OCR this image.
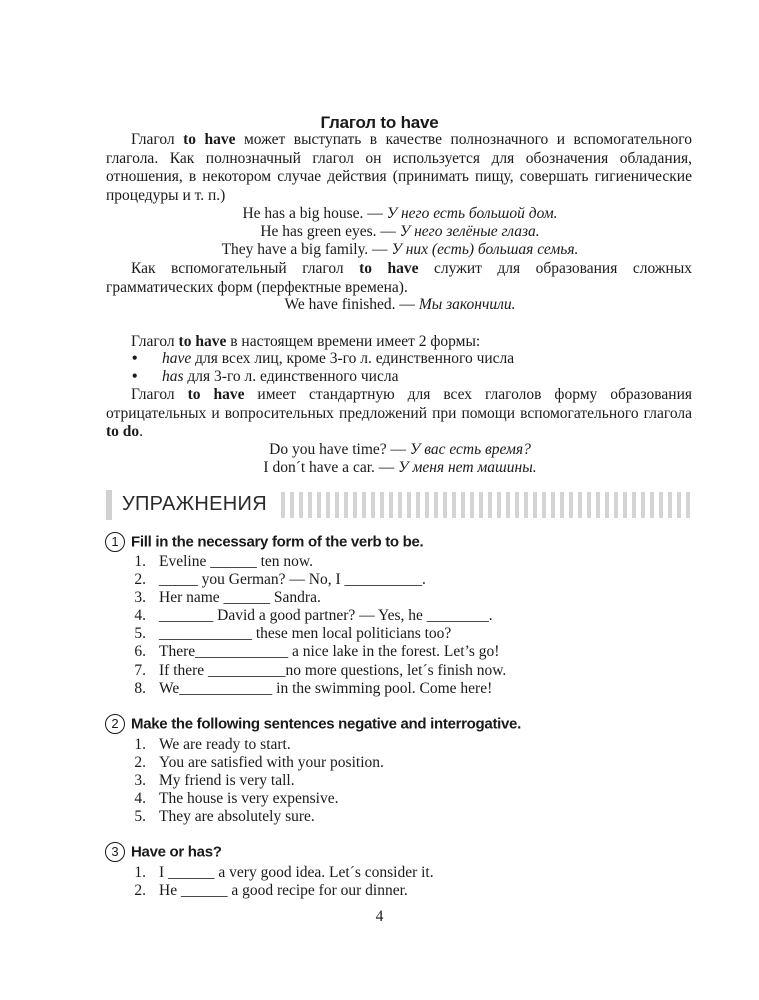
Глагол to have
Глагол to have может выступать в качестве полнозначного и вспомогательного глагола. Как полнозначный глагол он используется для обозначения обладания, отношения, в некотором случае действия (принимать пищу, совершать гигиенические процедуры и т. п.)
He has a big house. — У него есть большой дом.
He has green eyes. — У него зелёные глаза.
They have a big family. — У них (есть) большая семья.
Как вспомогательный глагол to have служит для образования сложных грамматических форм (перфектные времена).
We have finished. — Мы закончили.
Глагол to have в настоящем времени имеет 2 формы:
• have для всех лиц, кроме 3-го л. единственного числа
• has для 3-го л. единственного числа
Глагол to have имеет стандартную для всех глаголов форму образования отрицательных и вопросительных предложений при помощи вспомогательного глагола to do.
Do you have time? — У вас есть время?
I don´t have a car. — У меня нет машины.
УПРАЖНЕНИЯ
1 Fill in the necessary form of the verb to be.
1. Eveline ______ ten now.
2. _____ you German? — No, I __________.
3. Her name ______ Sandra.
4. _______ David a good partner? — Yes, he ________.
5. ____________ these men local politicians too?
6. There____________ a nice lake in the forest. Let’s go!
7. If there __________no more questions, let´s finish now.
8. We____________ in the swimming pool. Come here!
2 Make the following sentences negative and interrogative.
1. We are ready to start.
2. You are satisfied with your position.
3. My friend is very tall.
4. The house is very expensive.
5. They are absolutely sure.
3 Have or has?
1. I ______ a very good idea. Let´s consider it.
2. He ______ a good recipe for our dinner.
4
